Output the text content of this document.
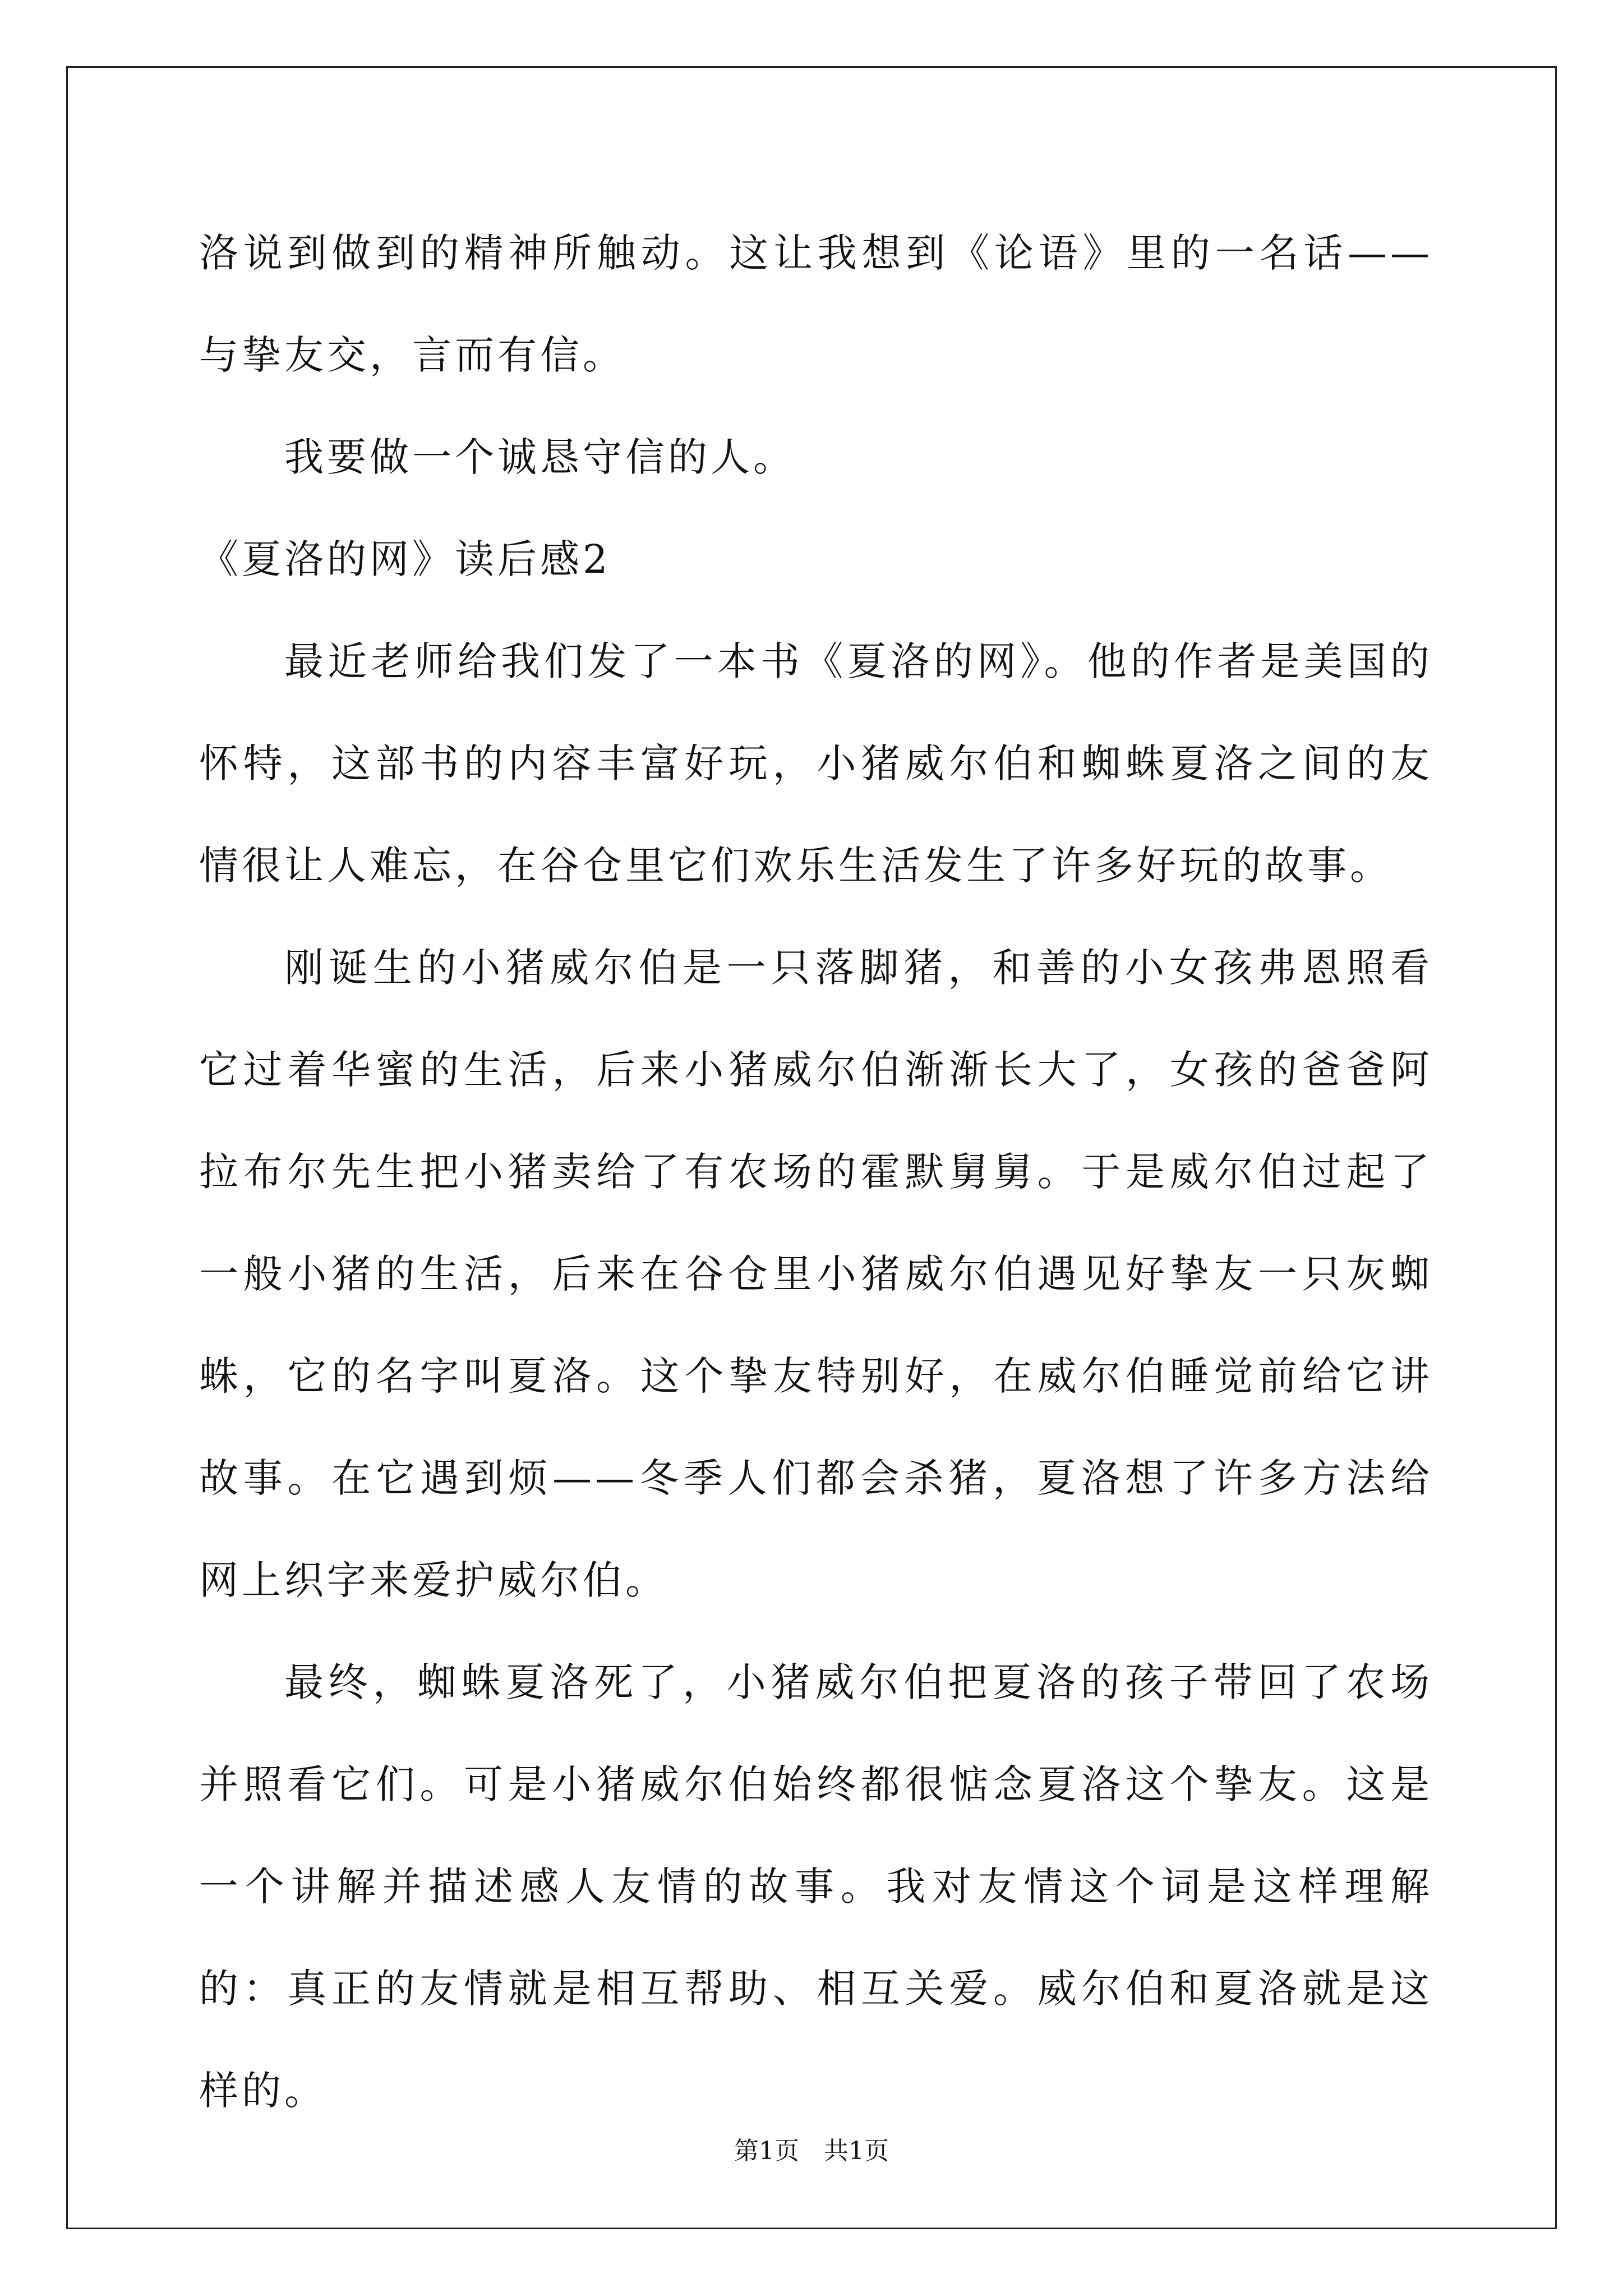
洛说到做到的精神所触动。这让我想到《论语》里的一名话——与挚友交，言而有信。

我要做一个诚恳守信的人。

《夏洛的网》读后感2

最近老师给我们发了一本书《夏洛的网》。他的作者是美国的怀特，这部书的内容丰富好玩，小猪威尔伯和蜘蛛夏洛之间的友情很让人难忘，在谷仓里它们欢乐生活发生了许多好玩的故事。

刚诞生的小猪威尔伯是一只落脚猪，和善的小女孩弗恩照看它过着华蜜的生活，后来小猪威尔伯渐渐长大了，女孩的爸爸阿拉布尔先生把小猪卖给了有农场的霍默舅舅。于是威尔伯过起了一般小猪的生活，后来在谷仓里小猪威尔伯遇见好挚友一只灰蜘蛛，它的名字叫夏洛。这个挚友特别好，在威尔伯睡觉前给它讲故事。在它遇到烦——冬季人们都会杀猪，夏洛想了许多方法给网上织字来爱护威尔伯。

最终，蜘蛛夏洛死了，小猪威尔伯把夏洛的孩子带回了农场并照看它们。可是小猪威尔伯始终都很惦念夏洛这个挚友。这是一个讲解并描述感人友情的故事。我对友情这个词是这样理解的：真正的友情就是相互帮助、相互关爱。威尔伯和夏洛就是这样的。

第1页 共1页
